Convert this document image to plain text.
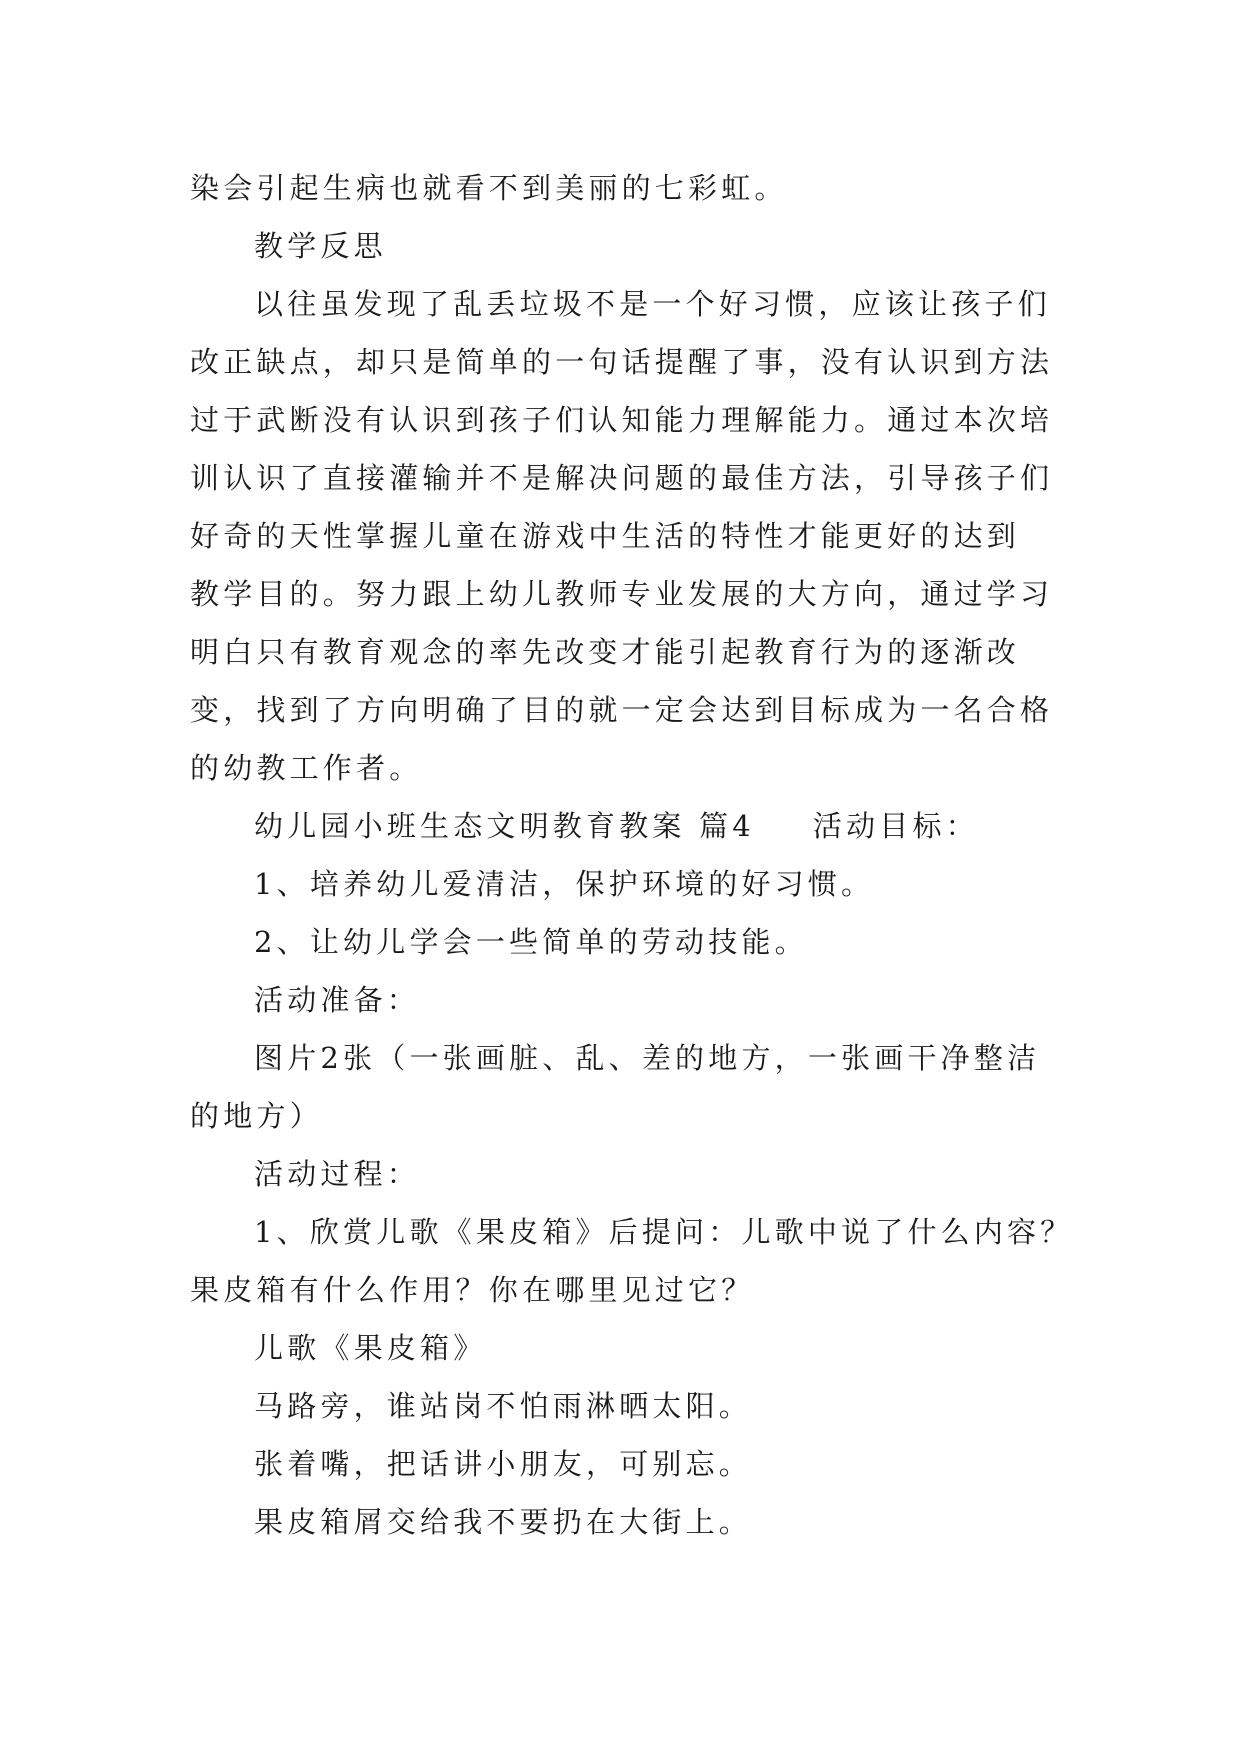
染会引起生病也就看不到美丽的七彩虹。
教学反思
以往虽发现了乱丢垃圾不是一个好习惯，应该让孩子们
改正缺点，却只是简单的一句话提醒了事，没有认识到方法
过于武断没有认识到孩子们认知能力理解能力。通过本次培
训认识了直接灌输并不是解决问题的最佳方法，引导孩子们
好奇的天性掌握儿童在游戏中生活的特性才能更好的达到
教学目的。努力跟上幼儿教师专业发展的大方向，通过学习
明白只有教育观念的率先改变才能引起教育行为的逐渐改
变，找到了方向明确了目的就一定会达到目标成为一名合格
的幼教工作者。
幼儿园小班生态文明教育教案 篇4 活动目标：
1、培养幼儿爱清洁，保护环境的好习惯。
2、让幼儿学会一些简单的劳动技能。
活动准备：
图片2张（一张画脏、乱、差的地方，一张画干净整洁
的地方）
活动过程：
1、欣赏儿歌《果皮箱》后提问：儿歌中说了什么内容？
果皮箱有什么作用？你在哪里见过它？
儿歌《果皮箱》
马路旁，谁站岗不怕雨淋晒太阳。
张着嘴，把话讲小朋友，可别忘。
果皮箱屑交给我不要扔在大街上。
